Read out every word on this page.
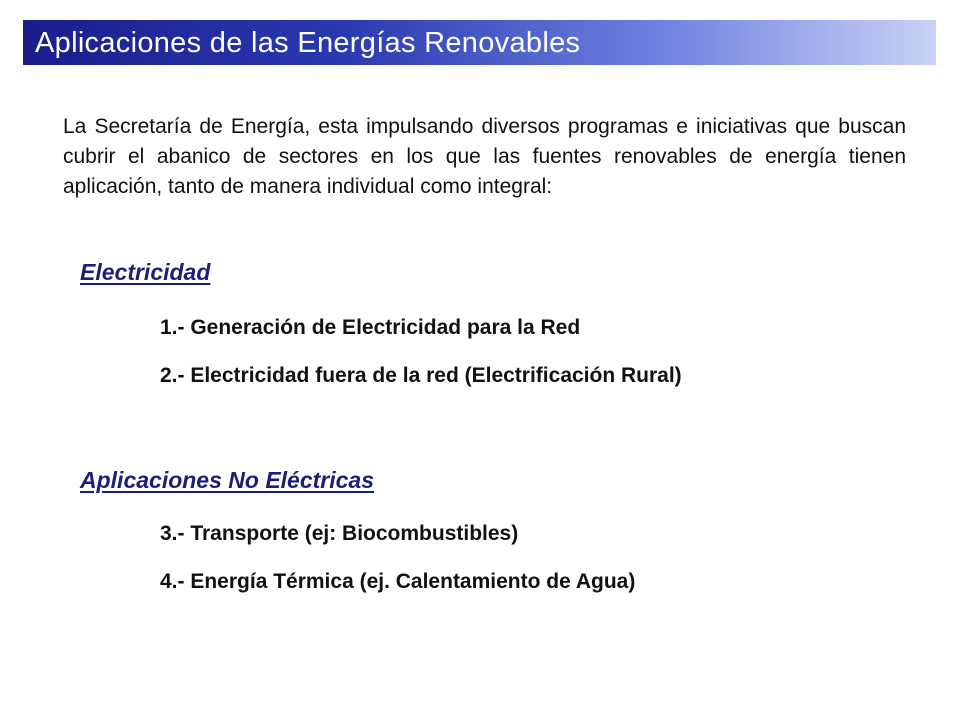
Aplicaciones de las Energías Renovables
La Secretaría de Energía, esta impulsando diversos programas e iniciativas que buscan cubrir el abanico de sectores en los que las fuentes renovables de energía tienen aplicación, tanto de manera individual como integral:
Electricidad
1.- Generación de Electricidad para la Red
2.- Electricidad fuera de la red (Electrificación Rural)
Aplicaciones No Eléctricas
3.- Transporte (ej: Biocombustibles)
4.- Energía Térmica (ej. Calentamiento de Agua)
